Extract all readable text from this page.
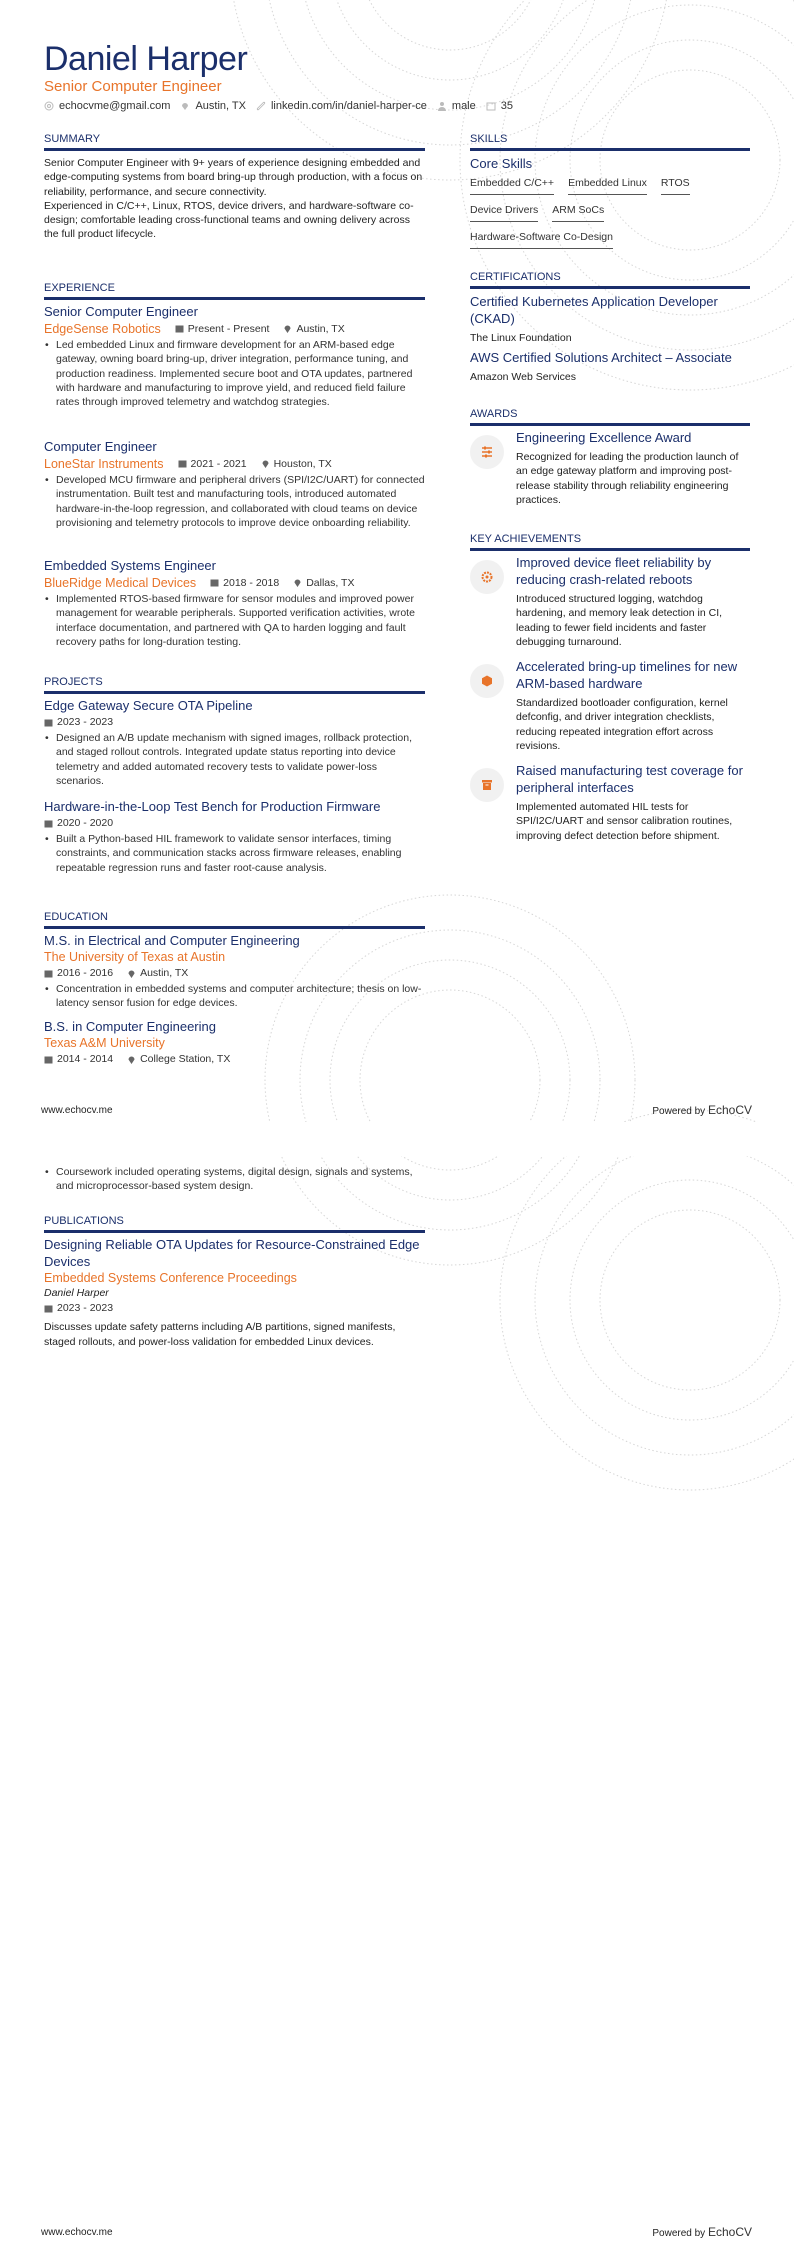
Daniel Harper
Senior Computer Engineer
echocvme@gmail.com Austin, TX linkedin.com/in/daniel-harper-ce male 35
SUMMARY

Senior Computer Engineer with 9+ years of experience designing embedded and edge-computing systems from board bring-up through production, with a focus on reliability, performance, and secure connectivity.

Experienced in C/C++, Linux, RTOS, device drivers, and hardware-software co-design; comfortable leading cross-functional teams and owning delivery across the full product lifecycle.

EXPERIENCE
Senior Computer Engineer
EdgeSense Robotics	Present - Present	Austin, TX
• Led embedded Linux and firmware development for an ARM-based edge gateway, owning board bring-up, driver integration, performance tuning, and production readiness. Implemented secure boot and OTA updates, partnered with hardware and manufacturing to improve yield, and reduced field failure rates through improved telemetry and watchdog strategies.
Computer Engineer
LoneStar Instruments	2021 - 2021	Houston, TX
• Developed MCU firmware and peripheral drivers (SPI/I2C/UART) for connected instrumentation. Built test and manufacturing tools, introduced automated hardware-in-the-loop regression, and collaborated with cloud teams on device provisioning and telemetry protocols to improve device onboarding reliability.
Embedded Systems Engineer
BlueRidge Medical Devices	2018 - 2018	Dallas, TX
• Implemented RTOS-based firmware for sensor modules and improved power management for wearable peripherals. Supported verification activities, wrote interface documentation, and partnered with QA to harden logging and fault recovery paths for long-duration testing.
PROJECTS
Edge Gateway Secure OTA Pipeline
2023 - 2023
• Designed an A/B update mechanism with signed images, rollback protection, and staged rollout controls. Integrated update status reporting into device telemetry and added automated recovery tests to validate power-loss scenarios.
Hardware-in-the-Loop Test Bench for Production Firmware
2020 - 2020
• Built a Python-based HIL framework to validate sensor interfaces, timing constraints, and communication stacks across firmware releases, enabling repeatable regression runs and faster root-cause analysis.
EDUCATION
M.S. in Electrical and Computer Engineering
The University of Texas at Austin
2016 - 2016	Austin, TX
• Concentration in embedded systems and computer architecture; thesis on low-latency sensor fusion for edge devices.
B.S. in Computer Engineering
Texas A&M University
2014 - 2014	College Station, TX
www.echocv.me	Powered by EchoCV
• Coursework included operating systems, digital design, signals and systems, and microprocessor-based system design.
PUBLICATIONS
Designing Reliable OTA Updates for Resource-Constrained Edge Devices
Embedded Systems Conference Proceedings
Daniel Harper
2023 - 2023

Discusses update safety patterns including A/B partitions, signed manifests, staged rollouts, and power-loss validation for embedded Linux devices.

www.echocv.me	Powered by EchoCV
SKILLS
Core Skills
Embedded C/C++ Embedded Linux RTOS
Device Drivers ARM SoCs
Hardware-Software Co-Design
CERTIFICATIONS
Certified Kubernetes Application Developer (CKAD)
The Linux Foundation
AWS Certified Solutions Architect – Associate
Amazon Web Services
AWARDS
Engineering Excellence Award

Recognized for leading the production launch of an edge gateway platform and improving post-release stability through reliability engineering practices.

KEY ACHIEVEMENTS
Improved device fleet reliability by reducing crash-related reboots

Introduced structured logging, watchdog hardening, and memory leak detection in CI, leading to fewer field incidents and faster debugging turnaround.

Accelerated bring-up timelines for new ARM-based hardware

Standardized bootloader configuration, kernel defconfig, and driver integration checklists, reducing repeated integration effort across revisions.

Raised manufacturing test coverage for peripheral interfaces

Implemented automated HIL tests for SPI/I2C/UART and sensor calibration routines, improving defect detection before shipment.
